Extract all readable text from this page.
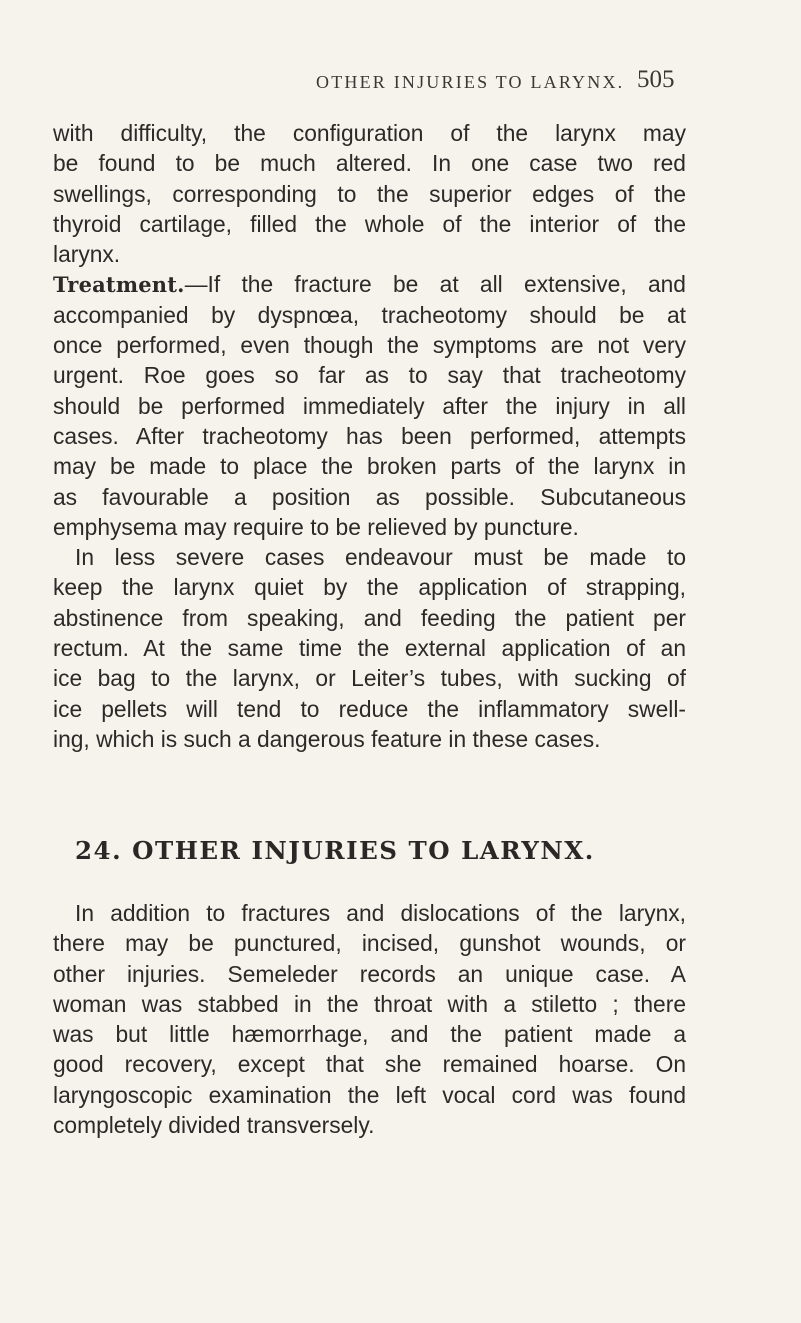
OTHER INJURIES TO LARYNX. 505
with difficulty, the configuration of the larynx may
be found to be much altered. In one case two red
swellings, corresponding to the superior edges of the
thyroid cartilage, filled the whole of the interior of the
larynx.
Treatment.—If the fracture be at all extensive, and
accompanied by dyspnœa, tracheotomy should be at
once performed, even though the symptoms are not very
urgent. Roe goes so far as to say that tracheotomy
should be performed immediately after the injury in all
cases. After tracheotomy has been performed, attempts
may be made to place the broken parts of the larynx in
as favourable a position as possible. Subcutaneous
emphysema may require to be relieved by puncture.
In less severe cases endeavour must be made to
keep the larynx quiet by the application of strapping,
abstinence from speaking, and feeding the patient per
rectum. At the same time the external application of an
ice bag to the larynx, or Leiter’s tubes, with sucking of
ice pellets will tend to reduce the inflammatory swell-
ing, which is such a dangerous feature in these cases.
24. OTHER INJURIES TO LARYNX.
In addition to fractures and dislocations of the larynx,
there may be punctured, incised, gunshot wounds, or
other injuries. Semeleder records an unique case. A
woman was stabbed in the throat with a stiletto ; there
was but little hæmorrhage, and the patient made a
good recovery, except that she remained hoarse. On
laryngoscopic examination the left vocal cord was found
completely divided transversely.
